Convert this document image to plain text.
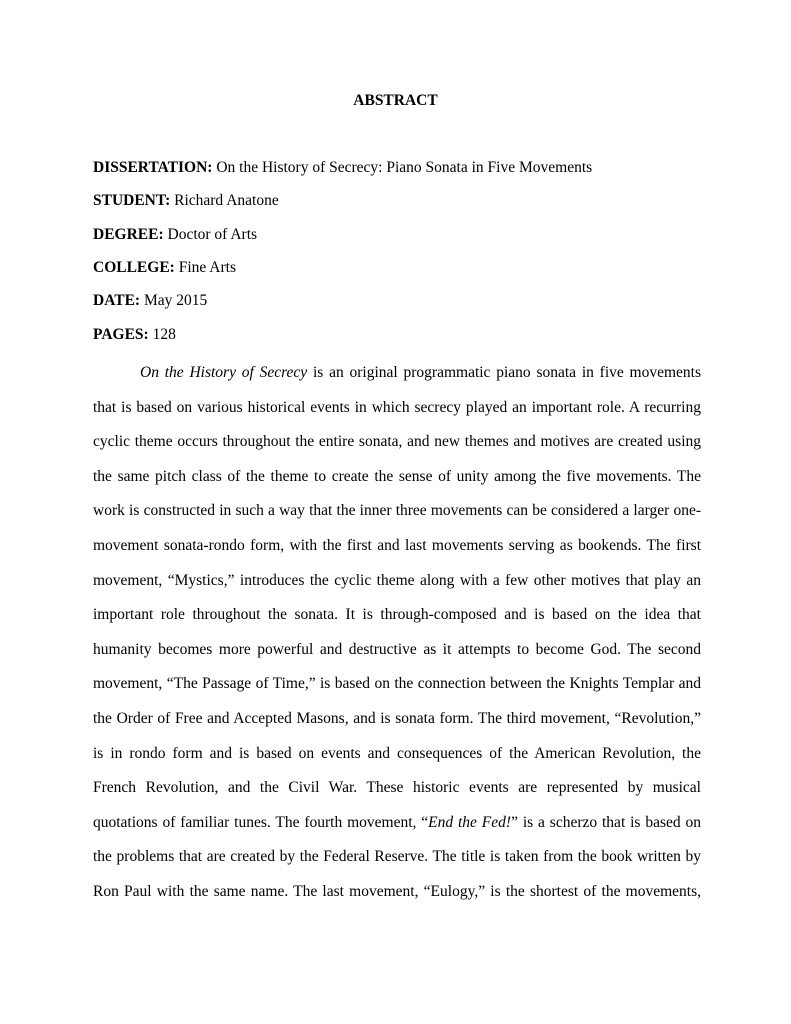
ABSTRACT
DISSERTATION: On the History of Secrecy: Piano Sonata in Five Movements
STUDENT: Richard Anatone
DEGREE: Doctor of Arts
COLLEGE: Fine Arts
DATE: May 2015
PAGES: 128
On the History of Secrecy is an original programmatic piano sonata in five movements
that is based on various historical events in which secrecy played an important role. A recurring
cyclic theme occurs throughout the entire sonata, and new themes and motives are created using
the same pitch class of the theme to create the sense of unity among the five movements. The
work is constructed in such a way that the inner three movements can be considered a larger one-
movement sonata-rondo form, with the first and last movements serving as bookends. The first
movement, “Mystics,” introduces the cyclic theme along with a few other motives that play an
important role throughout the sonata. It is through-composed and is based on the idea that
humanity becomes more powerful and destructive as it attempts to become God. The second
movement, “The Passage of Time,” is based on the connection between the Knights Templar and
the Order of Free and Accepted Masons, and is sonata form. The third movement, “Revolution,”
is in rondo form and is based on events and consequences of the American Revolution, the
French Revolution, and the Civil War. These historic events are represented by musical
quotations of familiar tunes. The fourth movement, “End the Fed!” is a scherzo that is based on
the problems that are created by the Federal Reserve. The title is taken from the book written by
Ron Paul with the same name. The last movement, “Eulogy,” is the shortest of the movements,
